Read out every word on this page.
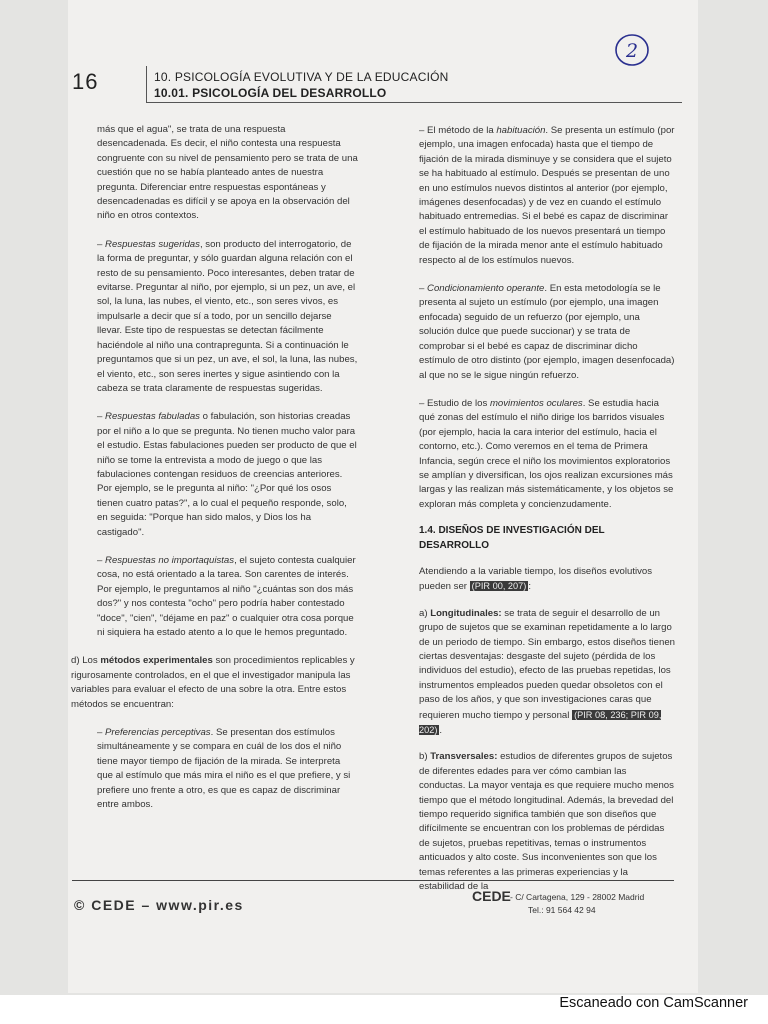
16	10. PSICOLOGÍA EVOLUTIVA Y DE LA EDUCACIÓN
10.01. PSICOLOGÍA DEL DESARROLLO
2

más que el agua", se trata de una respuesta desencadenada. Es decir, el niño contesta una respuesta congruente con su nivel de pensamiento pero se trata de una cuestión que no se había planteado antes de nuestra pregunta. Diferenciar entre respuestas espontáneas y desencadenadas es difícil y se apoya en la observación del niño en otros contextos.

– Respuestas sugeridas, son producto del interrogatorio, de la forma de preguntar, y sólo guardan alguna relación con el resto de su pensamiento. Poco interesantes, deben tratar de evitarse. Preguntar al niño, por ejemplo, si un pez, un ave, el sol, la luna, las nubes, el viento, etc., son seres vivos, es impulsarle a decir que sí a todo, por un sencillo dejarse llevar. Este tipo de respuestas se detectan fácilmente haciéndole al niño una contrapregunta. Si a continuación le preguntamos que si un pez, un ave, el sol, la luna, las nubes, el viento, etc., son seres inertes y sigue asintiendo con la cabeza se trata claramente de respuestas sugeridas.

– Respuestas fabuladas o fabulación, son historias creadas por el niño a lo que se pregunta. No tienen mucho valor para el estudio. Estas fabulaciones pueden ser producto de que el niño se tome la entrevista a modo de juego o que las fabulaciones contengan residuos de creencias anteriores. Por ejemplo, se le pregunta al niño: "¿Por qué los osos tienen cuatro patas?", a lo cual el pequeño responde, solo, en seguida: "Porque han sido malos, y Dios los ha castigado".

– Respuestas no importaquistas, el sujeto contesta cualquier cosa, no está orientado a la tarea. Son carentes de interés. Por ejemplo, le preguntamos al niño "¿cuántas son dos más dos?" y nos contesta "ocho" pero podría haber contestado "doce", "cien", "déjame en paz" o cualquier otra cosa porque ni siquiera ha estado atento a lo que le hemos preguntado.

d) Los métodos experimentales son procedimientos replicables y rigurosamente controlados, en el que el investigador manipula las variables para evaluar el efecto de una sobre la otra. Entre estos métodos se encuentran:

– Preferencias perceptivas. Se presentan dos estímulos simultáneamente y se compara en cuál de los dos el niño tiene mayor tiempo de fijación de la mirada. Se interpreta que al estímulo que más mira el niño es el que prefiere, y si prefiere uno frente a otro, es que es capaz de discriminar entre ambos.

– El método de la habituación. Se presenta un estímulo (por ejemplo, una imagen enfocada) hasta que el tiempo de fijación de la mirada disminuye y se considera que el sujeto se ha habituado al estímulo. Después se presentan de uno en uno estímulos nuevos distintos al anterior (por ejemplo, imágenes desenfocadas) y de vez en cuando el estímulo habituado entremedias. Si el bebé es capaz de discriminar el estímulo habituado de los nuevos presentará un tiempo de fijación de la mirada menor ante el estímulo habituado respecto al de los estímulos nuevos.

– Condicionamiento operante. En esta metodología se le presenta al sujeto un estímulo (por ejemplo, una imagen enfocada) seguido de un refuerzo (por ejemplo, una solución dulce que puede succionar) y se trata de comprobar si el bebé es capaz de discriminar dicho estímulo de otro distinto (por ejemplo, imagen desenfocada) al que no se le sigue ningún refuerzo.

– Estudio de los movimientos oculares. Se estudia hacia qué zonas del estímulo el niño dirige los barridos visuales (por ejemplo, hacia la cara interior del estímulo, hacia el contorno, etc.). Como veremos en el tema de Primera Infancia, según crece el niño los movimientos exploratorios se amplían y diversifican, los ojos realizan excursiones más largas y las realizan más sistemáticamente, y los objetos se exploran más completa y concienzudamente.

1.4. DISEÑOS DE INVESTIGACIÓN DEL DESARROLLO

Atendiendo a la variable tiempo, los diseños evolutivos pueden ser (PIR 00, 207) :

a) Longitudinales: se trata de seguir el desarrollo de un grupo de sujetos que se examinan repetidamente a lo largo de un periodo de tiempo. Sin embargo, estos diseños tienen ciertas desventajas: desgaste del sujeto (pérdida de los individuos del estudio), efecto de las pruebas repetidas, los instrumentos empleados pueden quedar obsoletos con el paso de los años, y que son investigaciones caras que requieren mucho tiempo y personal (PIR 08, 236; PIR 09, 202) .

b) Transversales: estudios de diferentes grupos de sujetos de diferentes edades para ver cómo cambian las conductas. La mayor ventaja es que requiere mucho menos tiempo que el método longitudinal. Además, la brevedad del tiempo requerido significa también que son diseños que difícilmente se encuentran con los problemas de pérdidas de sujetos, pruebas repetitivas, temas o instrumentos anticuados y alto coste. Sus inconvenientes son que los temas referentes a las primeras experiencias y la estabilidad de la

© CEDE – www.pir.es
CEDE - C/ Cartagena, 129 - 28002 Madrid
Tel.: 91 564 42 94
Escaneado con CamScanner
